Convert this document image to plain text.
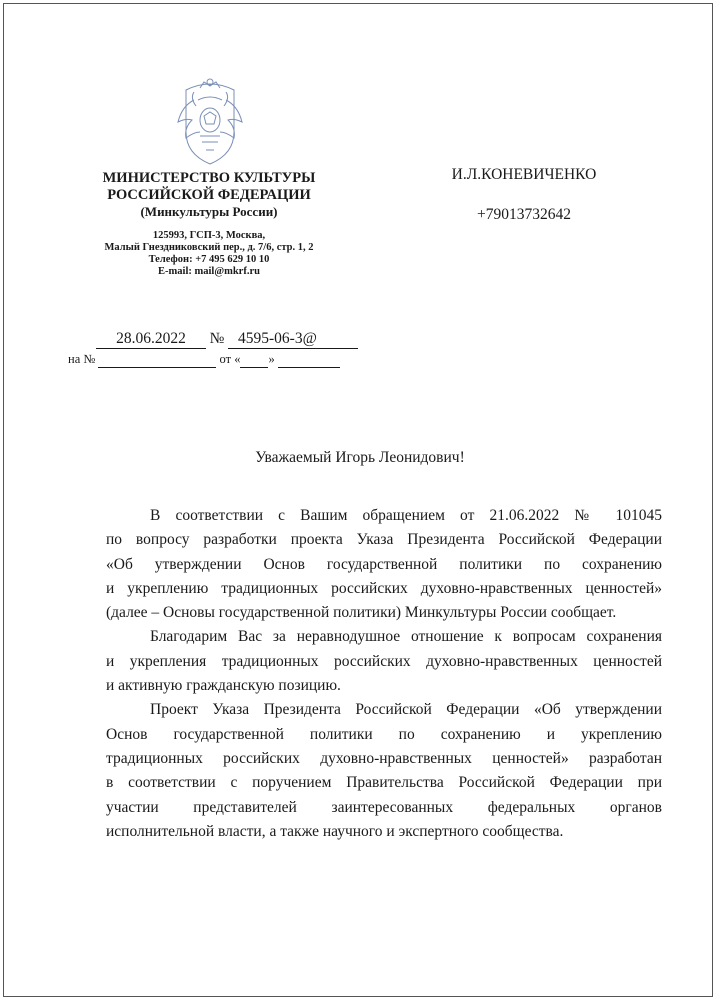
МИНИСТЕРСТВО КУЛЬТУРЫ
РОССИЙСКОЙ ФЕДЕРАЦИИ
(Минкультуры России)
125993, ГСП-3, Москва,
Малый Гнездниковский пер., д. 7/6, стр. 1, 2
Телефон: +7 495 629 10 10
E-mail: mail@mkrf.ru
И.Л.КОНЕВИЧЕНКО
+79013732642
28.06.2022 № 4595-06-3@
на №	от « »
Уважаемый Игорь Леонидович!
В соответствии с Вашим обращением от 21.06.2022 № 101045
по вопросу разработки проекта Указа Президента Российской Федерации
«Об утверждении Основ государственной политики по сохранению
и укреплению традиционных российских духовно-нравственных ценностей»
(далее – Основы государственной политики) Минкультуры России сообщает.
Благодарим Вас за неравнодушное отношение к вопросам сохранения
и укрепления традиционных российских духовно-нравственных ценностей
и активную гражданскую позицию.
Проект Указа Президента Российской Федерации «Об утверждении
Основ государственной политики по сохранению и укреплению
традиционных российских духовно-нравственных ценностей» разработан
в соответствии с поручением Правительства Российской Федерации при
участии представителей заинтересованных федеральных органов
исполнительной власти, а также научного и экспертного сообщества.
